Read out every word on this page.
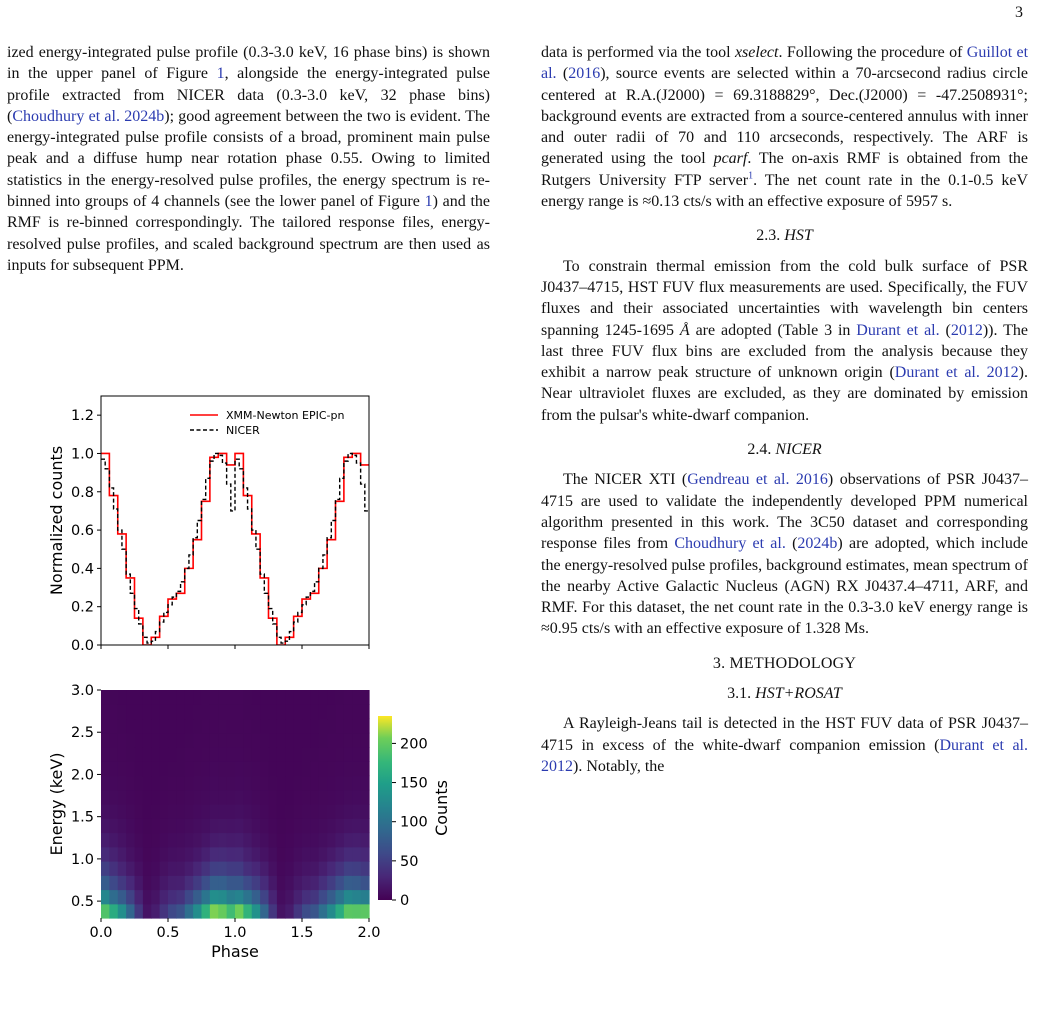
3

ized energy-integrated pulse profile (0.3-3.0 keV, 16 phase bins) is shown in the upper panel of Figure 1, alongside the energy-integrated pulse profile extracted from NICER data (0.3-3.0 keV, 32 phase bins) (Choudhury et al. 2024b); good agreement between the two is evident. The energy-integrated pulse profile consists of a broad, prominent main pulse peak and a diffuse hump near rotation phase 0.55. Owing to limited statistics in the energy-resolved pulse profiles, the energy spectrum is re-binned into groups of 4 channels (see the lower panel of Figure 1) and the RMF is re-binned correspondingly. The tailored response files, energy-resolved pulse profiles, and scaled background spectrum are then used as inputs for subsequent PPM.

0.0
0.2
0.4
0.6
0.8
1.0
1.2
Normalized counts
XMM-Newton EPIC-pn
NICER
0.5
1.0
1.5
2.0
2.5
3.0
0.0	0.5	1.0	1.5	2.0
Phase
Energy (keV)
0
50
100
150
200
Counts

data is performed via the tool xselect. Following the procedure of Guillot et al. (2016), source events are selected within a 70-arcsecond radius circle centered at R.A.(J2000) = 69.3188829°, Dec.(J2000) = -47.2508931°; background events are extracted from a source-centered annulus with inner and outer radii of 70 and 110 arcseconds, respectively. The ARF is generated using the tool pcarf. The on-axis RMF is obtained from the Rutgers University FTP server$^1$. The net count rate in the 0.1-0.5 keV energy range is ≈0.13 cts/s with an effective exposure of 5957 s.

2.3. HST

To constrain thermal emission from the cold bulk surface of PSR J0437–4715, HST FUV flux measurements are used. Specifically, the FUV fluxes and their associated uncertainties with wavelength bin centers spanning 1245-1695 Å are adopted (Table 3 in Durant et al. (2012)). The last three FUV flux bins are excluded from the analysis because they exhibit a narrow peak structure of unknown origin (Durant et al. 2012). Near ultraviolet fluxes are excluded, as they are dominated by emission from the pulsar's white-dwarf companion.

2.4. NICER

The NICER XTI (Gendreau et al. 2016) observations of PSR J0437–4715 are used to validate the independently developed PPM numerical algorithm presented in this work. The 3C50 dataset and corresponding response files from Choudhury et al. (2024b) are adopted, which include the energy-resolved pulse profiles, background estimates, mean spectrum of the nearby Active Galactic Nucleus (AGN) RX J0437.4–4711, ARF, and RMF. For this dataset, the net count rate in the 0.3-3.0 keV energy range is ≈0.95 cts/s with an effective exposure of 1.328 Ms.

3. METHODOLOGY
3.1. HST+ROSAT

A Rayleigh-Jeans tail is detected in the HST FUV data of PSR J0437–4715 in excess of the white-dwarf companion emission (Durant et al. 2012). Notably, the
